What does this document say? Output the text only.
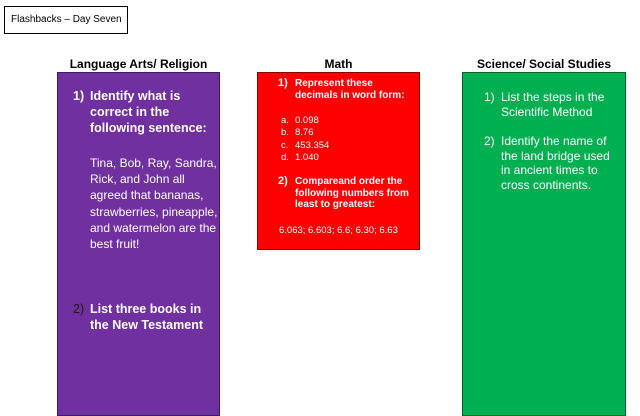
Flashbacks – Day Seven
Language Arts/ Religion	Math	Science/ Social Studies
1) Identify what is correct in the following sentence:
Tina, Bob, Ray, Sandra, Rick, and John all agreed that bananas, strawberries, pineapple, and watermelon are the best fruit!
2) List three books in the New Testament
1) Represent these decimals in word form:
a. 0.098
b. 8.76
c. 453.354
d. 1.040
2) Compareand order the following numbers from least to greatest:
6.063; 6.603; 6.6; 6.30; 6.63
1) List the steps in the Scientific Method
2) Identify the name of the land bridge used in ancient times to cross continents.
